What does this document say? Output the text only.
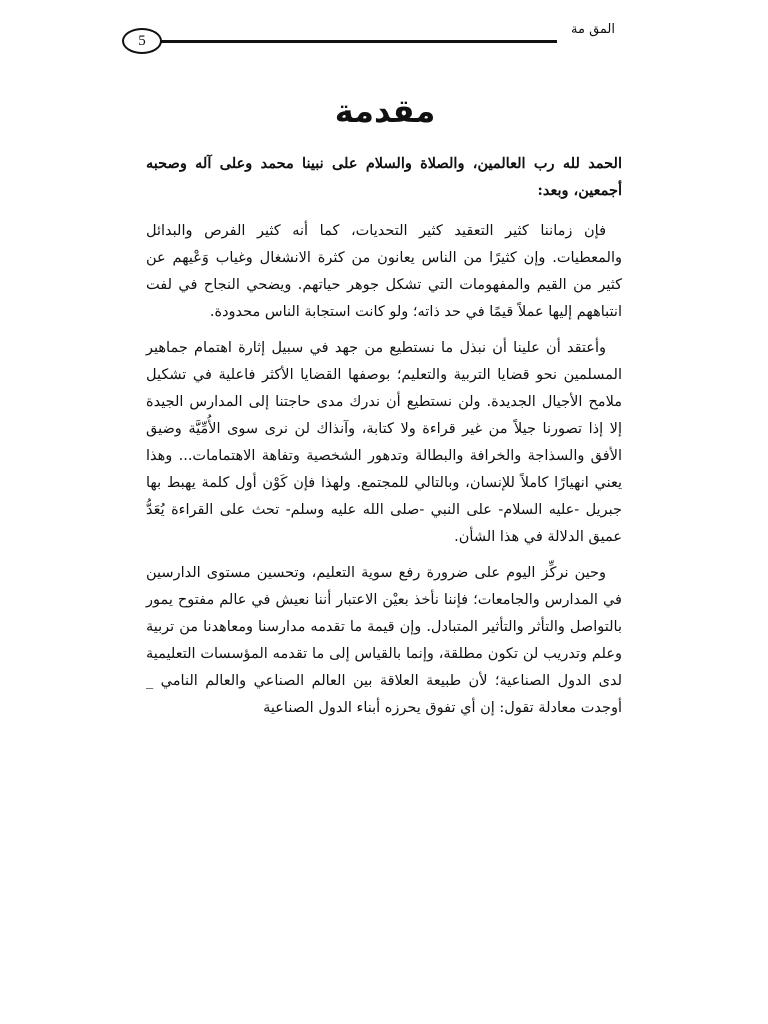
المق مة
5
مقدمة

الحمد لله رب العالمين، والصلاة والسلام على نبينا محمد وعلى آله وصحبه أجمعين، وبعد:

فإن زماننا كثير التعقيد كثير التحديات، كما أنه كثير الفرص والبدائل والمعطيات. وإن كثيرًا من الناس يعانون من كثرة الانشغال وغياب وَعْيهم عن كثير من القيم والمفهومات التي تشكل جوهر حياتهم. ويضحي النجاح في لفت انتباههم إليها عملاً قيمًا في حد ذاته؛ ولو كانت استجابة الناس محدودة.

وأعتقد أن علينا أن نبذل ما نستطيع من جهد في سبيل إثارة اهتمام جماهير المسلمين نحو قضايا التربية والتعليم؛ بوصفها القضايا الأكثر فاعلية في تشكيل ملامح الأجيال الجديدة. ولن نستطيع أن ندرك مدى حاجتنا إلى المدارس الجيدة إلا إذا تصورنا جيلاً من غير قراءة ولا كتابة، وآنذاك لن نرى سوى الأُمِّيَّة وضيق الأفق والسذاجة والخرافة والبطالة وتدهور الشخصية وتفاهة الاهتمامات... وهذا يعني انهيارًا كاملاً للإنسان، وبالتالي للمجتمع. ولهذا فإن كَوْن أول كلمة يهبط بها جبريل -عليه السلام- على النبي -صلى الله عليه وسلم- تحث على القراءة يُعَدُّ عميق الدلالة في هذا الشأن.

وحين نركِّز اليوم على ضرورة رفع سوية التعليم، وتحسين مستوى الدارسين في المدارس والجامعات؛ فإننا نأخذ بعيْن الاعتبار أننا نعيش في عالم مفتوح يمور بالتواصل والتأثر والتأثير المتبادل. وإن قيمة ما تقدمه مدارسنا ومعاهدنا من تربية وعلم وتدريب لن تكون مطلقة، وإنما بالقياس إلى ما تقدمه المؤسسات التعليمية لدى الدول الصناعية؛ لأن طبيعة العلاقة بين العالم الصناعي والعالم النامي _ أوجدت معادلة تقول: إن أي تفوق يحرزه أبناء الدول الصناعية
